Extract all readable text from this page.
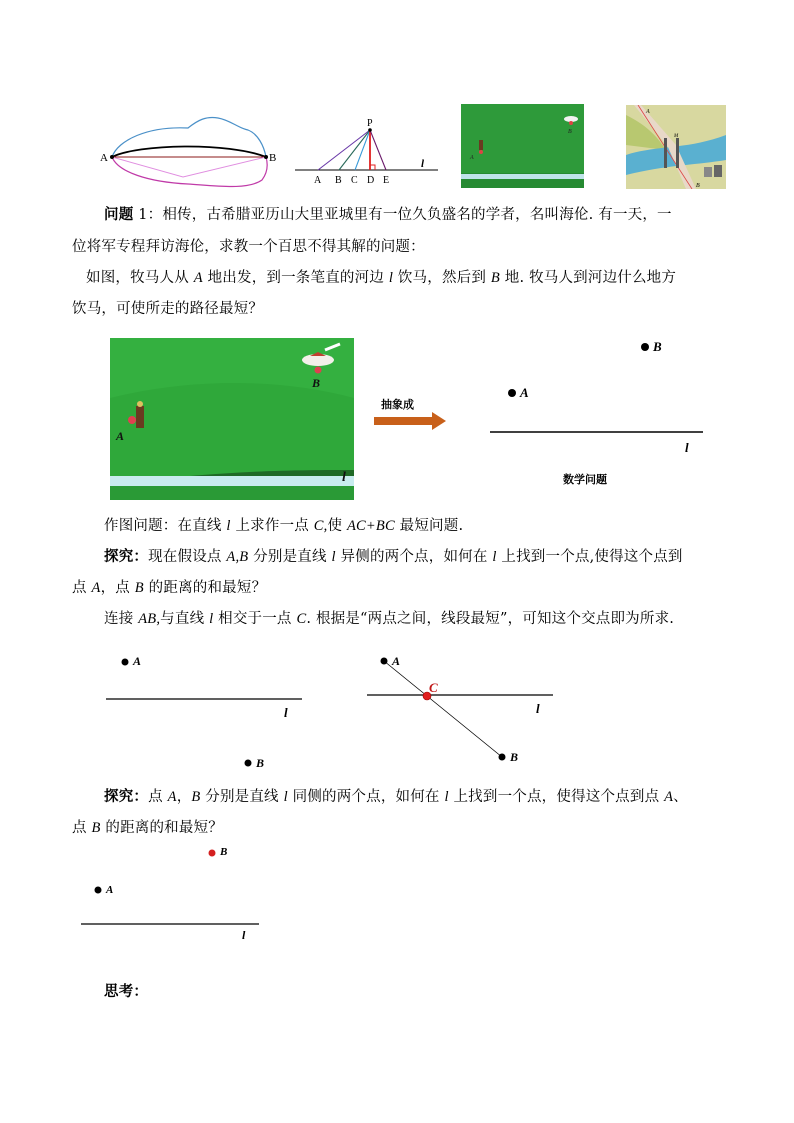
A	B
P
A B C D E
l
B
A
A
M
B
问题 1：相传，古希腊亚历山大里亚城里有一位久负盛名的学者，名叫海伦. 有一天，一
位将军专程拜访海伦，求教一个百思不得其解的问题：
如图，牧马人从 A 地出发，到一条笔直的河边 l 饮马，然后到 B 地. 牧马人到河边什么地方
饮马，可使所走的路径最短？
B
A
l
抽象成
B
A
l
数学问题
作图问题：在直线 l 上求作一点 C,使 AC+BC 最短问题.
探究：现在假设点 A,B 分别是直线 l 异侧的两个点，如何在 l 上找到一个点,使得这个点到
点 A，点 B 的距离的和最短？
连接 AB,与直线 l 相交于一点 C. 根据是“两点之间，线段最短”，可知这个交点即为所求.
A
l
B
A
C
l
B
探究：点 A，B 分别是直线 l 同侧的两个点，如何在 l 上找到一个点，使得这个点到点 A、
点 B 的距离的和最短？
B
A
l
思考：
